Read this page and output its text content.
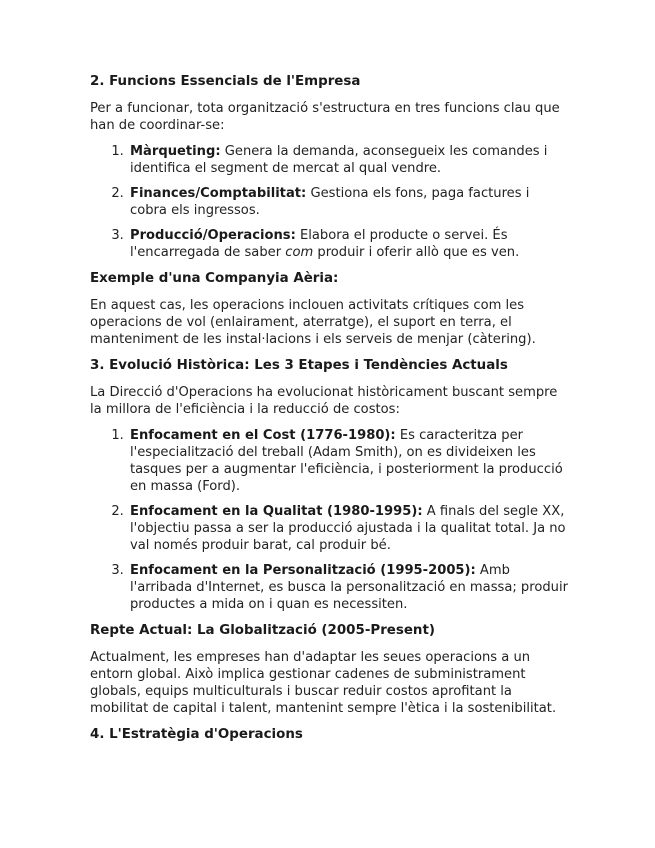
2. Funcions Essencials de l'Empresa

Per a funcionar, tota organització s'estructura en tres funcions clau que han de coordinar-se:

1. Màrqueting: Genera la demanda, aconsegueix les comandes i identifica el segment de mercat al qual vendre.
2. Finances/Comptabilitat: Gestiona els fons, paga factures i cobra els ingressos.
3. Producció/Operacions: Elabora el producte o servei. És l'encarregada de saber com produir i oferir allò que es ven.
Exemple d'una Companyia Aèria:

En aquest cas, les operacions inclouen activitats crítiques com les operacions de vol (enlairament, aterratge), el suport en terra, el manteniment de les instal·lacions i els serveis de menjar (càtering).

3. Evolució Històrica: Les 3 Etapes i Tendències Actuals

La Direcció d'Operacions ha evolucionat històricament buscant sempre la millora de l'eficiència i la reducció de costos:

1. Enfocament en el Cost (1776-1980): Es caracteritza per l'especialització del treball (Adam Smith), on es divideixen les tasques per a augmentar l'eficiència, i posteriorment la producció en massa (Ford).
2. Enfocament en la Qualitat (1980-1995): A finals del segle XX, l'objectiu passa a ser la producció ajustada i la qualitat total. Ja no val només produir barat, cal produir bé.
3. Enfocament en la Personalització (1995-2005): Amb l'arribada d'Internet, es busca la personalització en massa; produir productes a mida on i quan es necessiten.
Repte Actual: La Globalització (2005-Present)

Actualment, les empreses han d'adaptar les seues operacions a un entorn global. Això implica gestionar cadenes de subministrament globals, equips multiculturals i buscar reduir costos aprofitant la mobilitat de capital i talent, mantenint sempre l'ètica i la sostenibilitat.

4. L'Estratègia d'Operacions
